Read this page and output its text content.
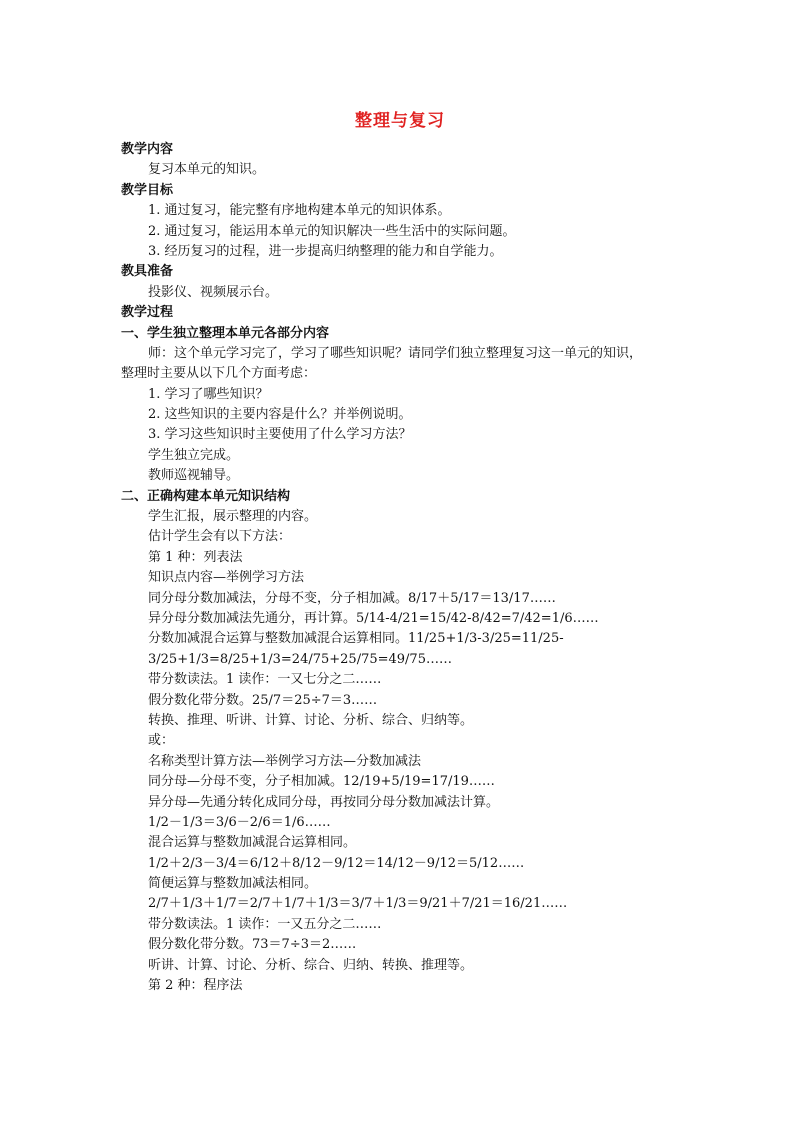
整理与复习
教学内容
复习本单元的知识。
教学目标
1. 通过复习，能完整有序地构建本单元的知识体系。
2. 通过复习，能运用本单元的知识解决一些生活中的实际问题。
3. 经历复习的过程，进一步提高归纳整理的能力和自学能力。
教具准备
投影仪、视频展示台。
教学过程
一、学生独立整理本单元各部分内容
师：这个单元学习完了，学习了哪些知识呢？请同学们独立整理复习这一单元的知识，
整理时主要从以下几个方面考虑：
1. 学习了哪些知识？
2. 这些知识的主要内容是什么？并举例说明。
3. 学习这些知识时主要使用了什么学习方法？
学生独立完成。
教师巡视辅导。
二、正确构建本单元知识结构
学生汇报，展示整理的内容。
估计学生会有以下方法：
第 1 种：列表法
知识点内容—举例学习方法
同分母分数加减法，分母不变，分子相加减。8/17＋5/17＝13/17……
异分母分数加减法先通分，再计算。5/14-4/21=15/42-8/42=7/42=1/6……
分数加减混合运算与整数加减混合运算相同。11/25+1/3-3/25=11/25-
3/25+1/3=8/25+1/3=24/75+25/75=49/75……
带分数读法。1 读作：一又七分之二……
假分数化带分数。25/7＝25÷7＝3……
转换、推理、听讲、计算、讨论、分析、综合、归纳等。
或：
名称类型计算方法—举例学习方法—分数加减法
同分母—分母不变，分子相加减。12/19+5/19=17/19……
异分母—先通分转化成同分母，再按同分母分数加减法计算。
1/2－1/3＝3/6－2/6＝1/6……
混合运算与整数加减混合运算相同。
1/2＋2/3－3/4＝6/12＋8/12－9/12＝14/12－9/12＝5/12……
简便运算与整数加减法相同。
2/7＋1/3＋1/7＝2/7＋1/7＋1/3＝3/7＋1/3＝9/21＋7/21＝16/21……
带分数读法。1 读作：一又五分之二……
假分数化带分数。73＝7÷3＝2……
听讲、计算、讨论、分析、综合、归纳、转换、推理等。
第 2 种：程序法
